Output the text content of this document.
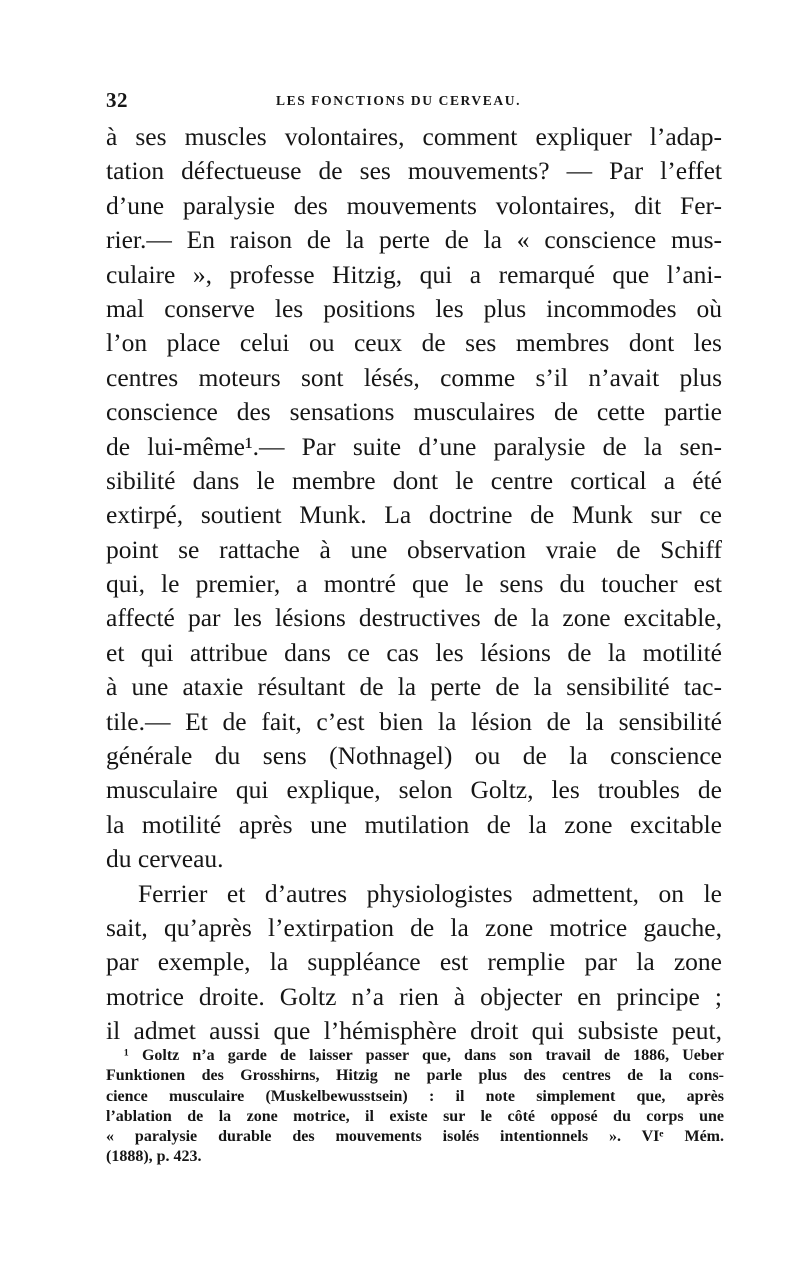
32	LES FONCTIONS DU CERVEAU.
à ses muscles volontaires, comment expliquer l’adap-
tation défectueuse de ses mouvements? — Par l’effet
d’une paralysie des mouvements volontaires, dit Fer-
rier.— En raison de la perte de la « conscience mus-
culaire », professe Hitzig, qui a remarqué que l’ani-
mal conserve les positions les plus incommodes où
l’on place celui ou ceux de ses membres dont les
centres moteurs sont lésés, comme s’il n’avait plus
conscience des sensations musculaires de cette partie
de lui-même¹.— Par suite d’une paralysie de la sen-
sibilité dans le membre dont le centre cortical a été
extirpé, soutient Munk. La doctrine de Munk sur ce
point se rattache à une observation vraie de Schiff
qui, le premier, a montré que le sens du toucher est
affecté par les lésions destructives de la zone excitable,
et qui attribue dans ce cas les lésions de la motilité
à une ataxie résultant de la perte de la sensibilité tac-
tile.— Et de fait, c’est bien la lésion de la sensibilité
générale du sens (Nothnagel) ou de la conscience
musculaire qui explique, selon Goltz, les troubles de
la motilité après une mutilation de la zone excitable
du cerveau.
Ferrier et d’autres physiologistes admettent, on le
sait, qu’après l’extirpation de la zone motrice gauche,
par exemple, la suppléance est remplie par la zone
motrice droite. Goltz n’a rien à objecter en principe ;
il admet aussi que l’hémisphère droit qui subsiste peut,
¹ Goltz n’a garde de laisser passer que, dans son travail de 1886, Ueber
Funktionen des Grosshirns, Hitzig ne parle plus des centres de la cons-
cience musculaire (Muskelbewusstsein) : il note simplement que, après
l’ablation de la zone motrice, il existe sur le côté opposé du corps une
« paralysie durable des mouvements isolés intentionnels ». VIᵉ Mém.
(1888), p. 423.
